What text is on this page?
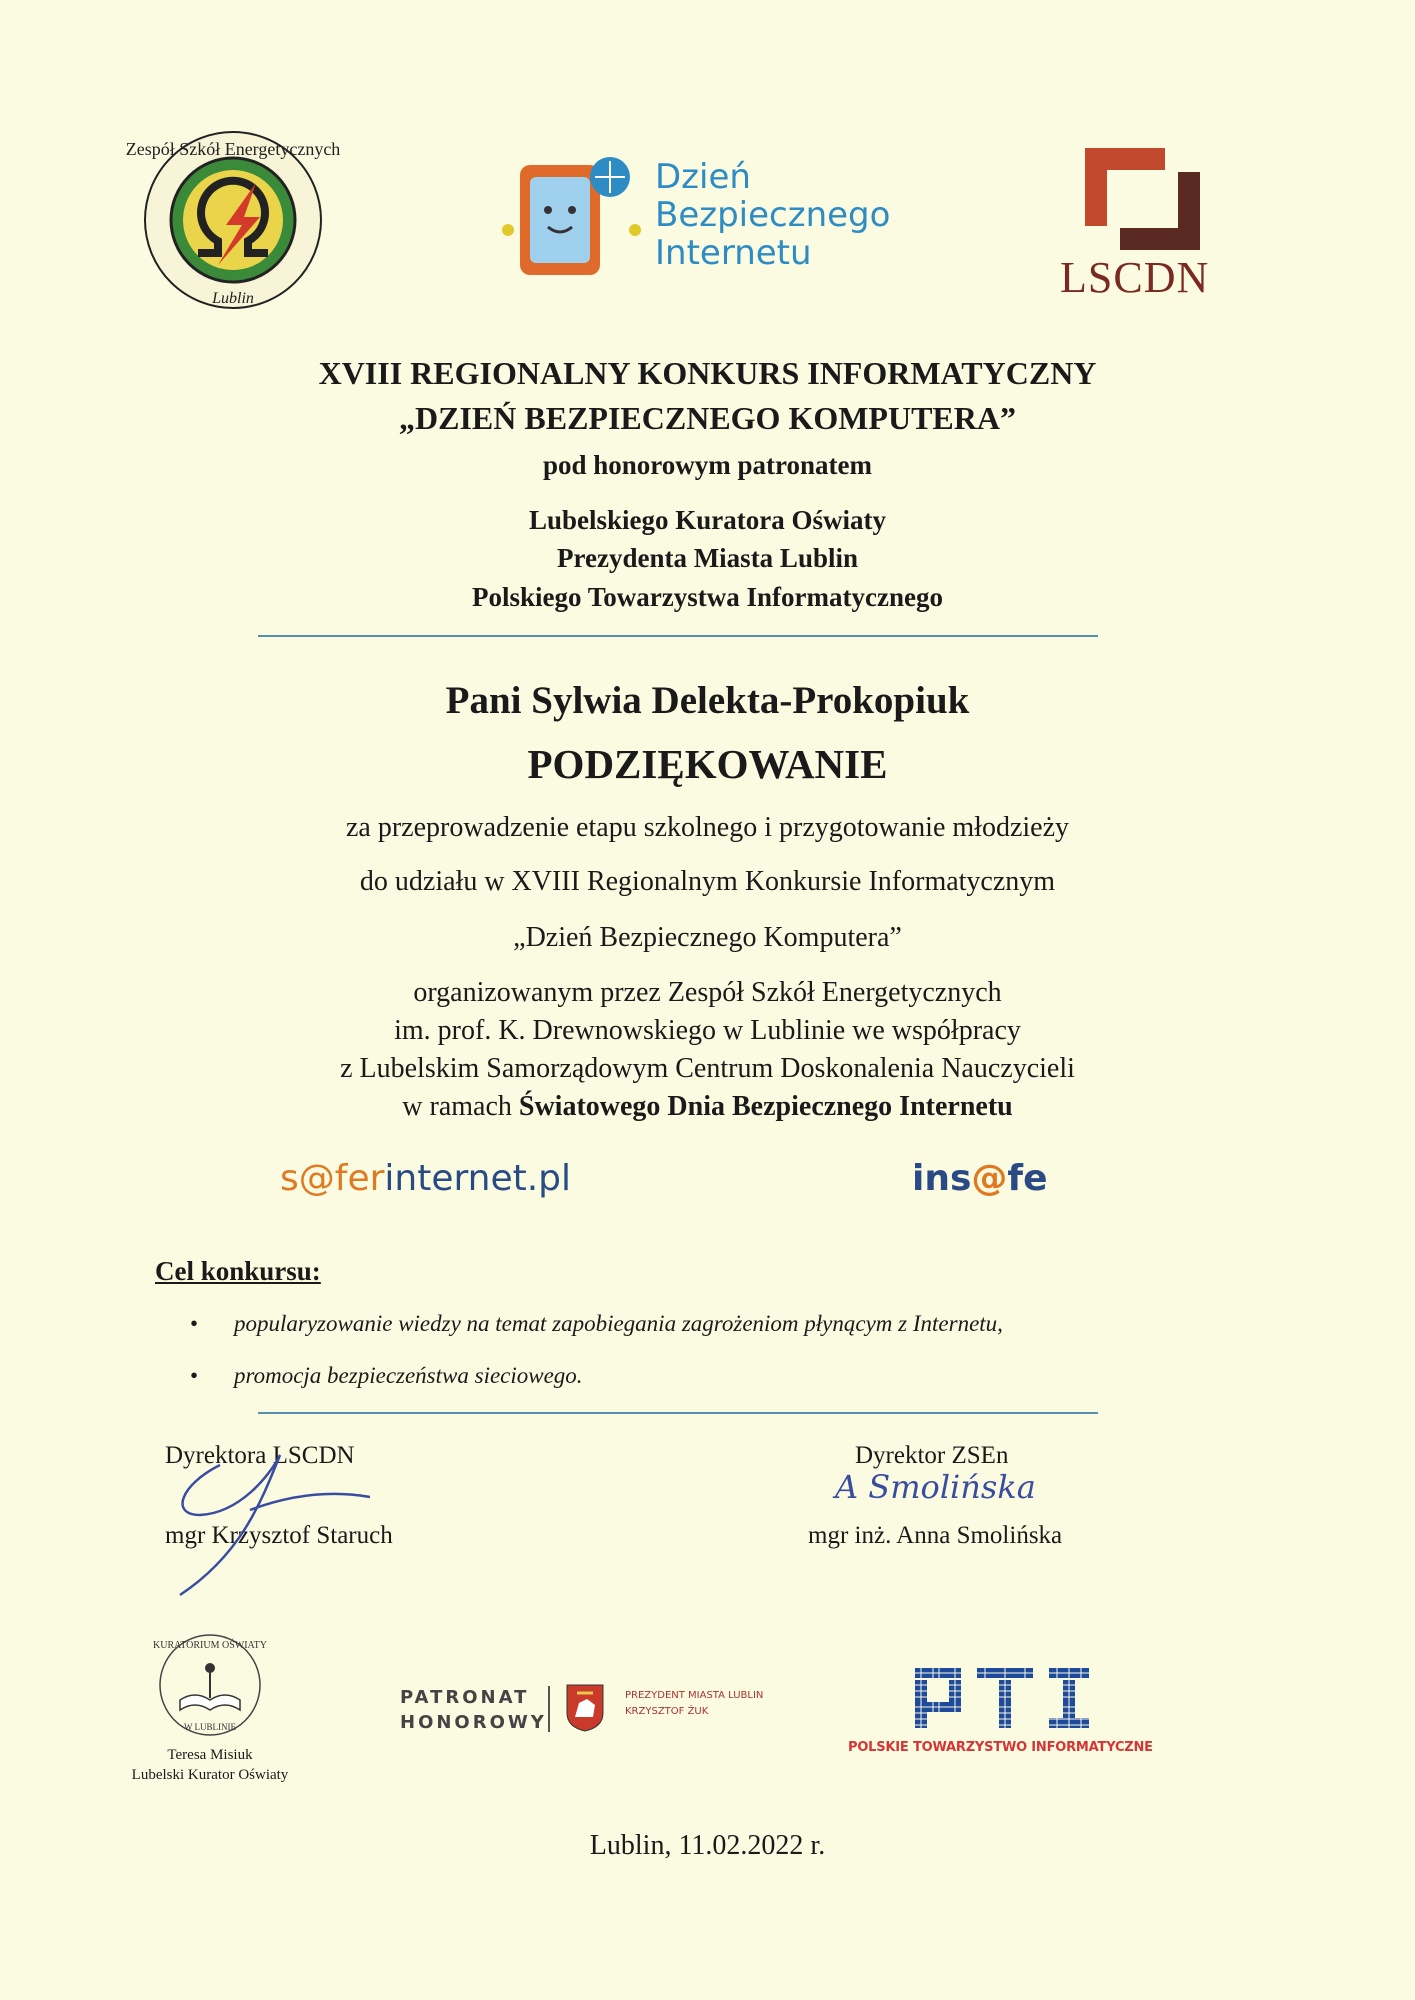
Zespół Szkół Energetycznych
Lublin
Dzień
Bezpiecznego
Internetu	LSCDN
XVIII REGIONALNY KONKURS INFORMATYCZNY
„DZIEŃ BEZPIECZNEGO KOMPUTERA”
pod honorowym patronatem
Lubelskiego Kuratora Oświaty
Prezydenta Miasta Lublin
Polskiego Towarzystwa Informatycznego
Pani Sylwia Delekta-Prokopiuk
PODZIĘKOWANIE
za przeprowadzenie etapu szkolnego i przygotowanie młodzieży
do udziału w XVIII Regionalnym Konkursie Informatycznym
„Dzień Bezpiecznego Komputera”
organizowanym przez Zespół Szkół Energetycznych
im. prof. K. Drewnowskiego w Lublinie we współpracy
z Lubelskim Samorządowym Centrum Doskonalenia Nauczycieli
w ramach Światowego Dnia Bezpiecznego Internetu
s@ferinternet.pl	ins@fe
Cel konkursu:
• popularyzowanie wiedzy na temat zapobiegania zagrożeniom płynącym z Internetu,
• promocja bezpieczeństwa sieciowego.
Dyrektora LSCDN
mgr Krzysztof Staruch
Dyrektor ZSEn
A Smolińska
mgr inż. Anna Smolińska
KURATORIUM OŚWIATY
W LUBLINIE
Teresa Misiuk
Lubelski Kurator Oświaty
PATRONAT
HONOROWY
PREZYDENT MIASTA LUBLIN
KRZYSZTOF ŻUK
POLSKIE TOWARZYSTWO INFORMATYCZNE
Lublin, 11.02.2022 r.
